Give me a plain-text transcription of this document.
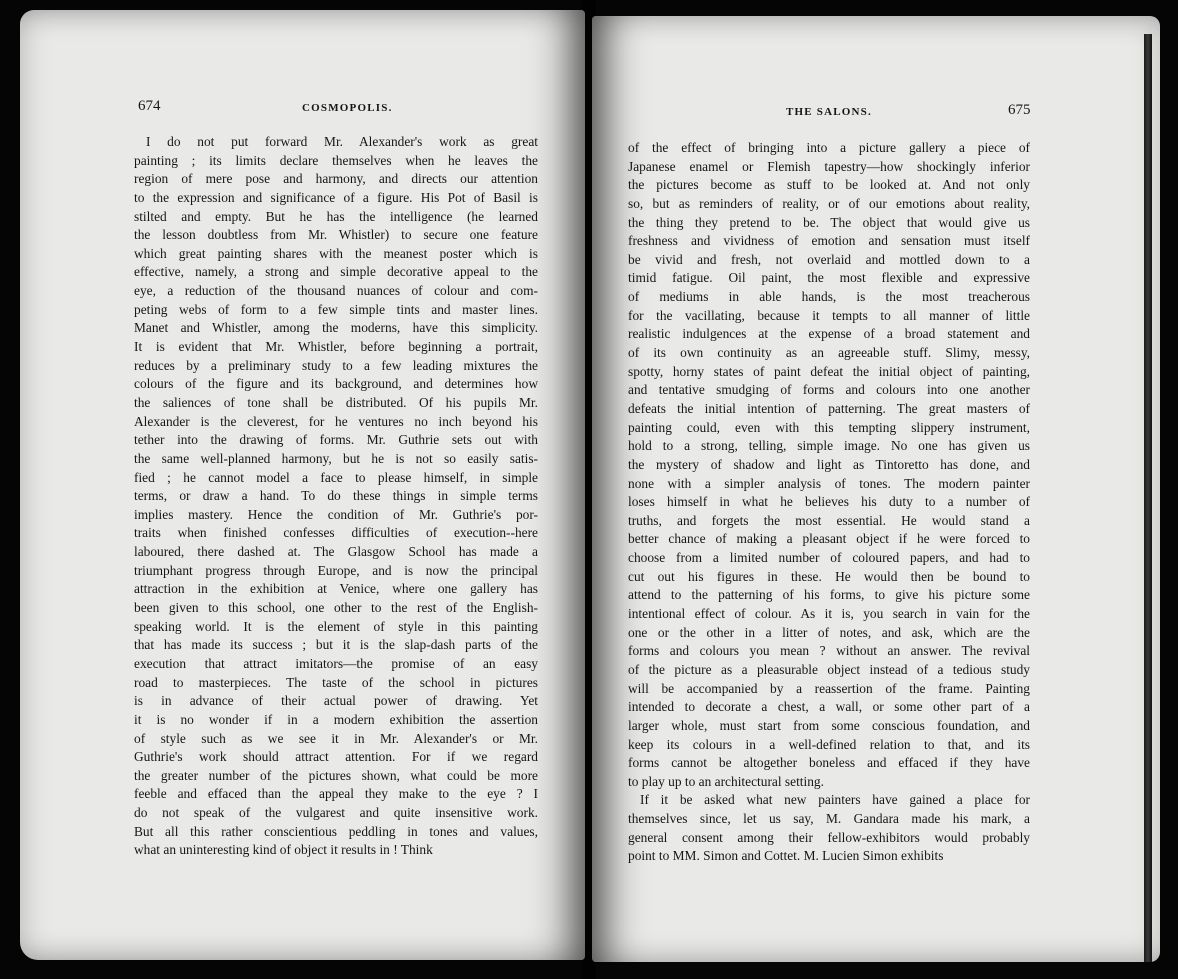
674	COSMOPOLIS.
I do not put forward Mr. Alexander's work as great
painting ; its limits declare themselves when he leaves the
region of mere pose and harmony, and directs our attention
to the expression and significance of a figure. His Pot of Basil is
stilted and empty. But he has the intelligence (he learned
the lesson doubtless from Mr. Whistler) to secure one feature
which great painting shares with the meanest poster which is
effective, namely, a strong and simple decorative appeal to the
eye, a reduction of the thousand nuances of colour and com-
peting webs of form to a few simple tints and master lines.
Manet and Whistler, among the moderns, have this simplicity.
It is evident that Mr. Whistler, before beginning a portrait,
reduces by a preliminary study to a few leading mixtures the
colours of the figure and its background, and determines how
the saliences of tone shall be distributed. Of his pupils Mr.
Alexander is the cleverest, for he ventures no inch beyond his
tether into the drawing of forms. Mr. Guthrie sets out with
the same well-planned harmony, but he is not so easily satis-
fied ; he cannot model a face to please himself, in simple
terms, or draw a hand. To do these things in simple terms
implies mastery. Hence the condition of Mr. Guthrie's por-
traits when finished confesses difficulties of execution--here
laboured, there dashed at. The Glasgow School has made a
triumphant progress through Europe, and is now the principal
attraction in the exhibition at Venice, where one gallery has
been given to this school, one other to the rest of the English-
speaking world. It is the element of style in this painting
that has made its success ; but it is the slap-dash parts of the
execution that attract imitators—the promise of an easy
road to masterpieces. The taste of the school in pictures
is in advance of their actual power of drawing. Yet
it is no wonder if in a modern exhibition the assertion
of style such as we see it in Mr. Alexander's or Mr.
Guthrie's work should attract attention. For if we regard
the greater number of the pictures shown, what could be more
feeble and effaced than the appeal they make to the eye ? I
do not speak of the vulgarest and quite insensitive work.
But all this rather conscientious peddling in tones and values,
what an uninteresting kind of object it results in ! Think
THE SALONS.	675
of the effect of bringing into a picture gallery a piece of
Japanese enamel or Flemish tapestry—how shockingly inferior
the pictures become as stuff to be looked at. And not only
so, but as reminders of reality, or of our emotions about reality,
the thing they pretend to be. The object that would give us
freshness and vividness of emotion and sensation must itself
be vivid and fresh, not overlaid and mottled down to a
timid fatigue. Oil paint, the most flexible and expressive
of mediums in able hands, is the most treacherous
for the vacillating, because it tempts to all manner of little
realistic indulgences at the expense of a broad statement and
of its own continuity as an agreeable stuff. Slimy, messy,
spotty, horny states of paint defeat the initial object of painting,
and tentative smudging of forms and colours into one another
defeats the initial intention of patterning. The great masters of
painting could, even with this tempting slippery instrument,
hold to a strong, telling, simple image. No one has given us
the mystery of shadow and light as Tintoretto has done, and
none with a simpler analysis of tones. The modern painter
loses himself in what he believes his duty to a number of
truths, and forgets the most essential. He would stand a
better chance of making a pleasant object if he were forced to
choose from a limited number of coloured papers, and had to
cut out his figures in these. He would then be bound to
attend to the patterning of his forms, to give his picture some
intentional effect of colour. As it is, you search in vain for the
one or the other in a litter of notes, and ask, which are the
forms and colours you mean ? without an answer. The revival
of the picture as a pleasurable object instead of a tedious study
will be accompanied by a reassertion of the frame. Painting
intended to decorate a chest, a wall, or some other part of a
larger whole, must start from some conscious foundation, and
keep its colours in a well-defined relation to that, and its
forms cannot be altogether boneless and effaced if they have
to play up to an architectural setting.
If it be asked what new painters have gained a place for
themselves since, let us say, M. Gandara made his mark, a
general consent among their fellow-exhibitors would probably
point to MM. Simon and Cottet. M. Lucien Simon exhibits
